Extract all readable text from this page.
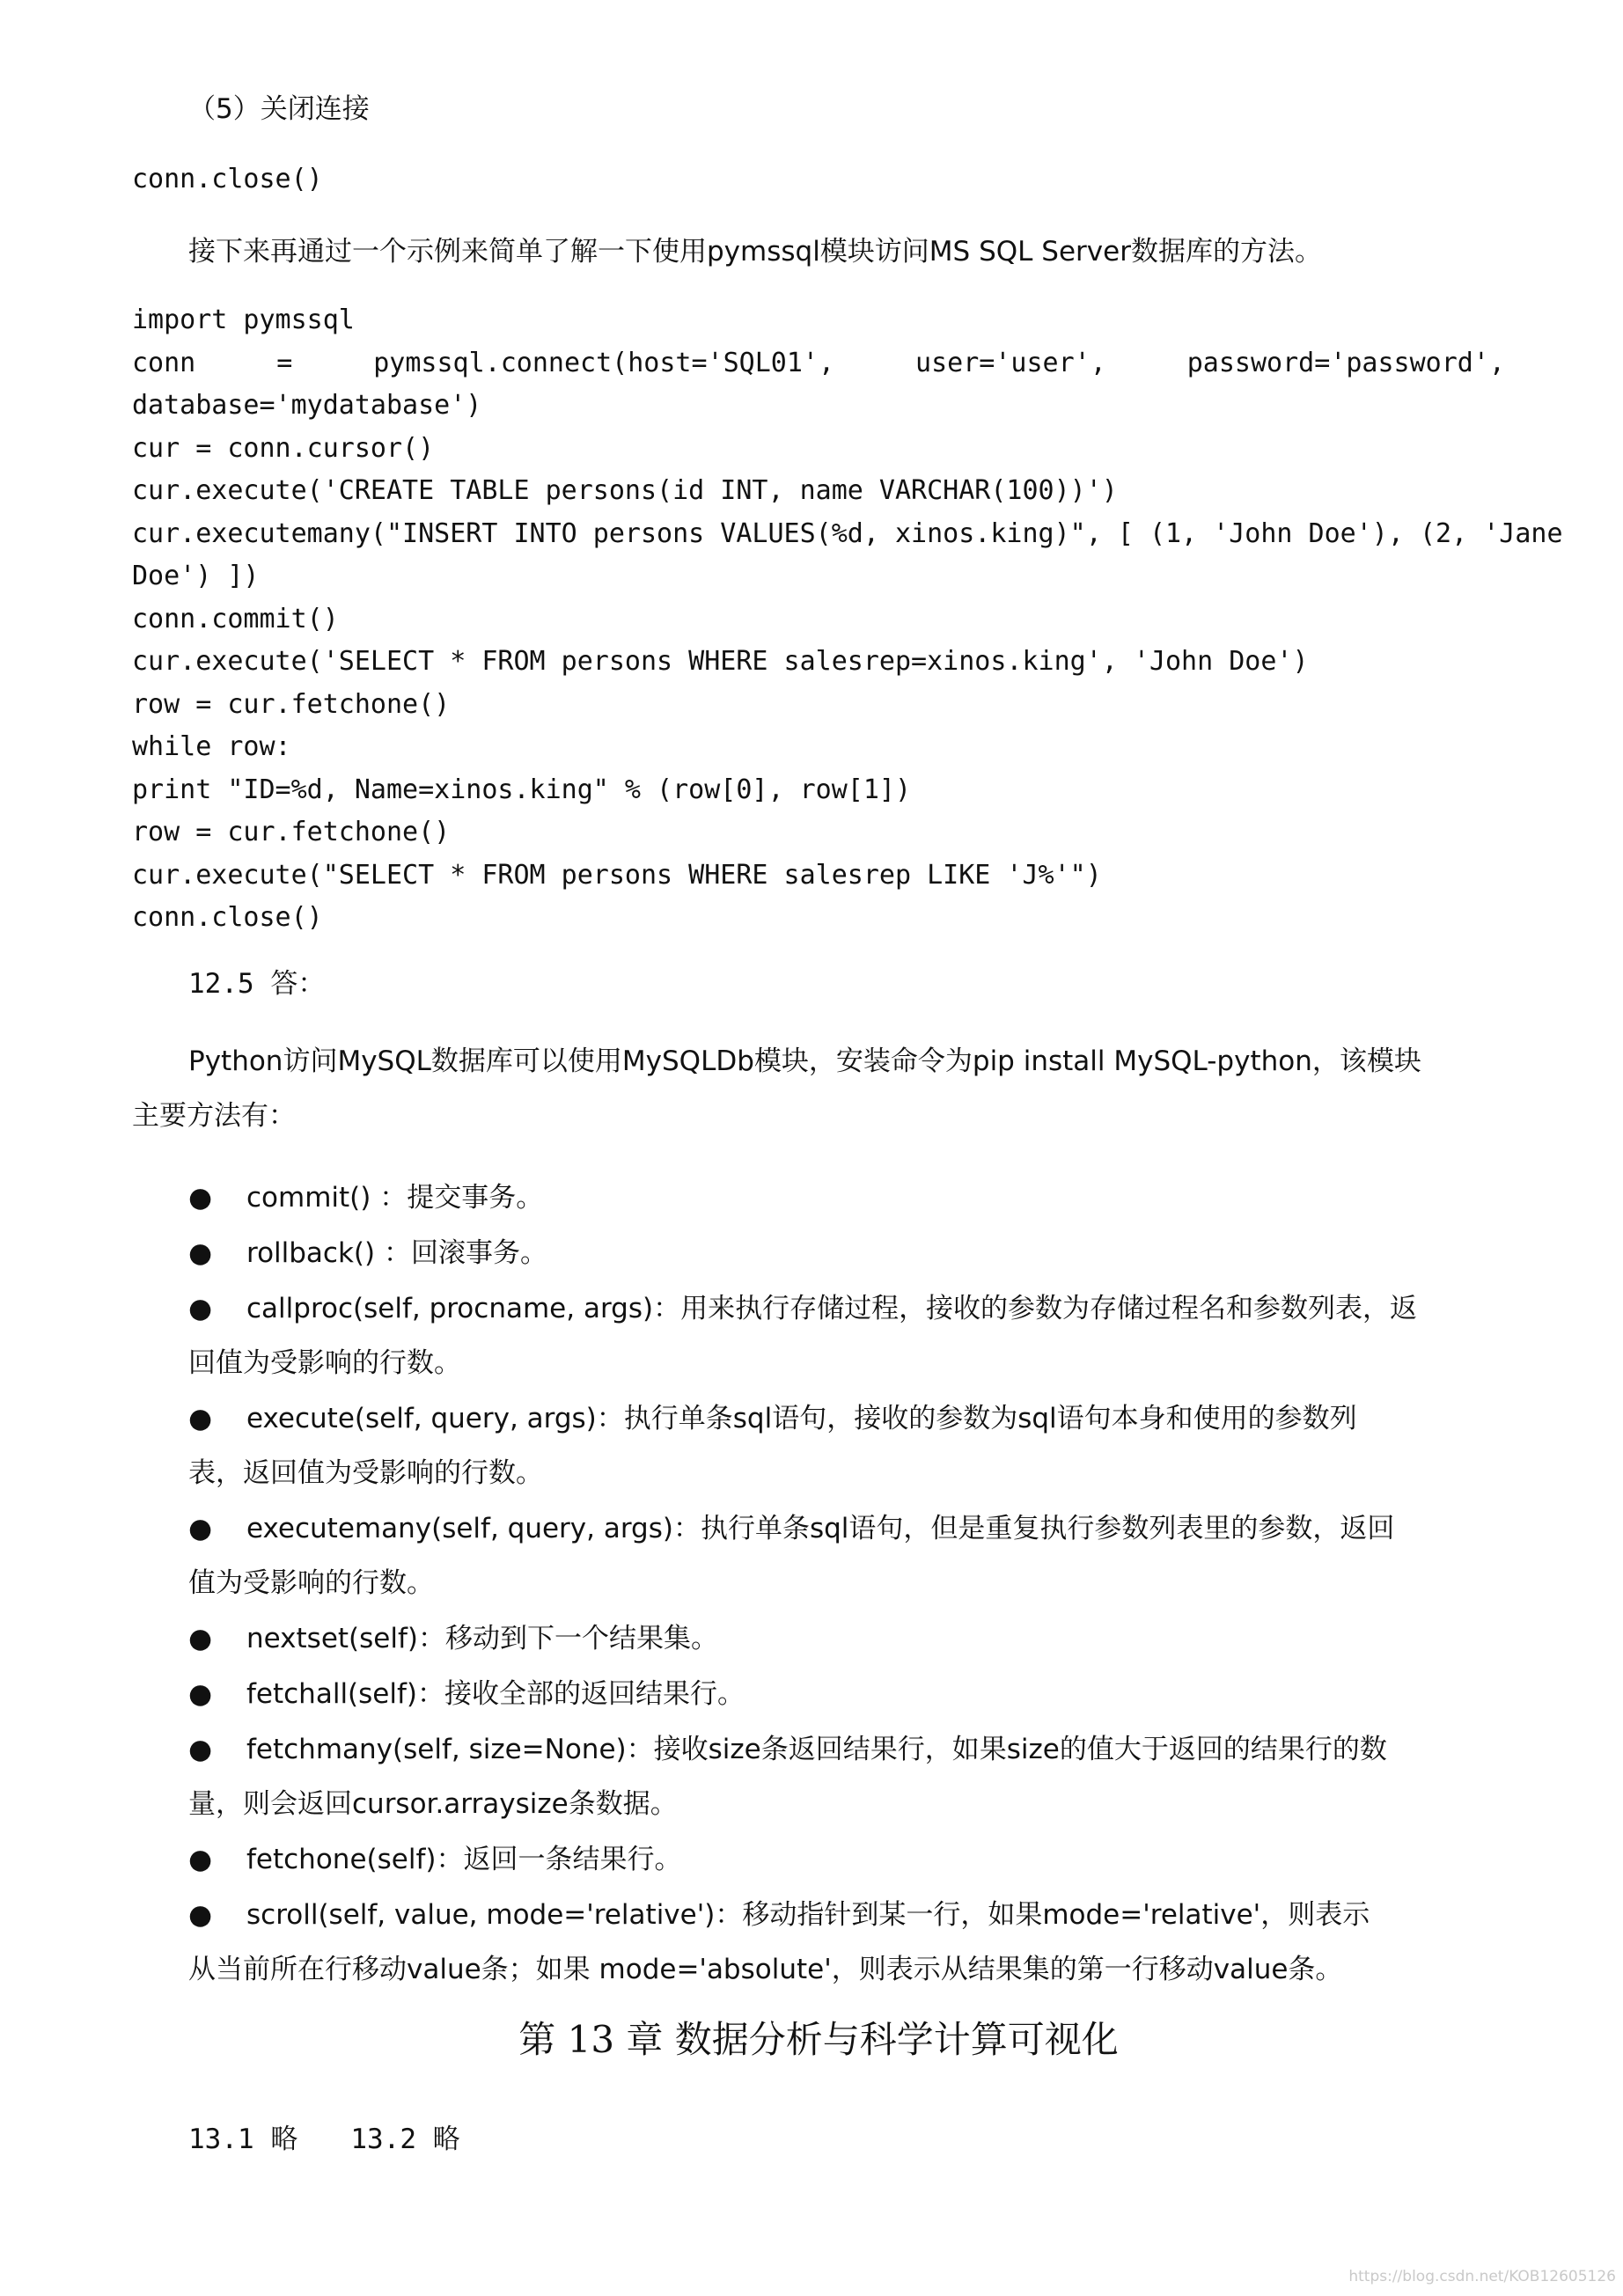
（5）关闭连接

conn.close()

接下来再通过一个示例来简单了解一下使用pymssql模块访问MS SQL Server数据库的方法。

import pymssql
conn	=	pymssql.connect(host='SQL01',	user='user',	password='password',
database='mydatabase')
cur = conn.cursor()
cur.execute('CREATE TABLE persons(id INT, name VARCHAR(100))')
cur.executemany("INSERT INTO persons VALUES(%d, xinos.king)", [ (1, 'John Doe'), (2, 'Jane
Doe') ])
conn.commit()
cur.execute('SELECT * FROM persons WHERE salesrep=xinos.king', 'John Doe')
row = cur.fetchone()
while row:
print "ID=%d, Name=xinos.king" % (row[0], row[1])
row = cur.fetchone()
cur.execute("SELECT * FROM persons WHERE salesrep LIKE 'J%'")
conn.close()

12.5 答：

Python访问MySQL数据库可以使用MySQLDb模块，安装命令为pip install MySQL-python，该模块

主要方法有：

● commit() ：提交事务。
● rollback() ：回滚事务。
● callproc(self, procname, args)：用来执行存储过程，接收的参数为存储过程名和参数列表，返
回值为受影响的行数。
● execute(self, query, args)：执行单条sql语句，接收的参数为sql语句本身和使用的参数列
表，返回值为受影响的行数。
● executemany(self, query, args)：执行单条sql语句，但是重复执行参数列表里的参数，返回
值为受影响的行数。
● nextset(self)：移动到下一个结果集。
● fetchall(self)：接收全部的返回结果行。
● fetchmany(self, size=None)：接收size条返回结果行，如果size的值大于返回的结果行的数
量，则会返回cursor.arraysize条数据。
● fetchone(self)：返回一条结果行。
● scroll(self, value, mode='relative')：移动指针到某一行，如果mode='relative'，则表示
从当前所在行移动value条；如果 mode='absolute'，则表示从结果集的第一行移动value条。

第 13 章 数据分析与科学计算可视化

13.1 略 13.2 略
https://blog.csdn.net/KOB12605126
